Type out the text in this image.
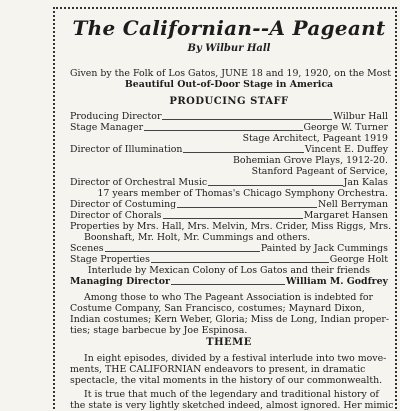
The Californian--A Pageant
By Wilbur Hall
Given by the Folk of Los Gatos, JUNE 18 and 19, 1920, on the Most
Beautiful Out-of-Door Stage in America
PRODUCING STAFF
Producing Director	Wilbur Hall
Stage Manager	George W. Turner
Stage Architect, Pageant 1919
Director of Illumination	Vincent E. Duffey
Bohemian Grove Plays, 1912-20.
Stanford Pageant of Service,
Director of Orchestral Music	Jan Kalas
17 years member of Thomas's Chicago Symphony Orchestra.
Director of Costuming	Nell Berryman
Director of Chorals	Margaret Hansen
Properties by Mrs. Hall, Mrs. Melvin, Mrs. Crider, Miss Riggs, Mrs.
Boonshaft, Mr. Holt, Mr. Cummings and others.
Scenes	Painted by Jack Cummings
Stage Properties	George Holt
Interlude by Mexican Colony of Los Gatos and their friends
Managing Director	William M. Godfrey
Among those to who The Pageant Association is indebted for
Costume Company, San Francisco, costumes; Maynard Dixon,
Indian costumes; Kern Weber, Gloria; Miss de Long, Indian proper-
ties; stage barbecue by Joe Espinosa.
THEME
In eight episodes, divided by a festival interlude into two move-
ments, THE CALIFORNIAN endeavors to present, in dramatic
spectacle, the vital moments in the history of our commonwealth.
It is true that much of the legendary and traditional history of
the state is very lightly sketched indeed, almost ignored. Her mimic
